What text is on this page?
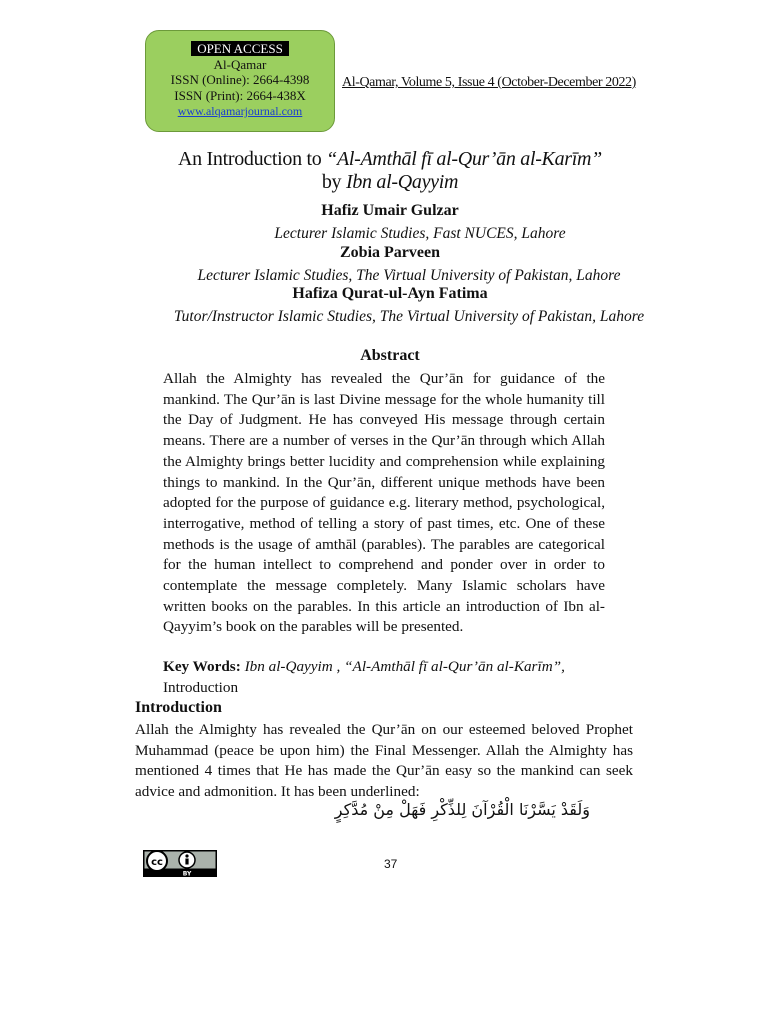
OPEN ACCESS
Al-Qamar
ISSN (Online): 2664-4398
ISSN (Print): 2664-438X
www.alqamarjournal.com
Al-Qamar, Volume 5, Issue 4 (October-December 2022)
An Introduction to “Al-Amthāl fī al-Qur’ān al-Karīm”
by Ibn al-Qayyim
Hafiz Umair Gulzar
Lecturer Islamic Studies, Fast NUCES, Lahore
Zobia Parveen
Lecturer Islamic Studies, The Virtual University of Pakistan, Lahore
Hafiza Qurat-ul-Ayn Fatima
Tutor/Instructor Islamic Studies, The Virtual University of Pakistan, Lahore
Abstract
Allah the Almighty has revealed the Qur’ān for guidance of the mankind. The Qur’ān is last Divine message for the whole humanity till the Day of Judgment. He has conveyed His message through certain means. There are a number of verses in the Qur’ān through which Allah the Almighty brings better lucidity and comprehension while explaining things to mankind. In the Qur’ān, different unique methods have been adopted for the purpose of guidance e.g. literary method, psychological, interrogative, method of telling a story of past times, etc. One of these methods is the usage of amthāl (parables). The parables are categorical for the human intellect to comprehend and ponder over in order to contemplate the message completely. Many Islamic scholars have written books on the parables. In this article an introduction of Ibn al-Qayyim’s book on the parables will be presented.
Key Words: Ibn al-Qayyim , “Al-Amthāl fī al-Qur’ān al-Karīm”,
Introduction
Introduction
Allah the Almighty has revealed the Qur’ān on our esteemed beloved Prophet Muhammad (peace be upon him) the Final Messenger. Allah the Almighty has mentioned 4 times that He has made the Qur’ān easy so the mankind can seek advice and admonition. It has been underlined:
وَلَقَدْ يَسَّرْنَا الْقُرْآنَ لِلذِّكْرِ فَهَلْ مِنْ مُدَّكِرٍ
cc
BY
37
